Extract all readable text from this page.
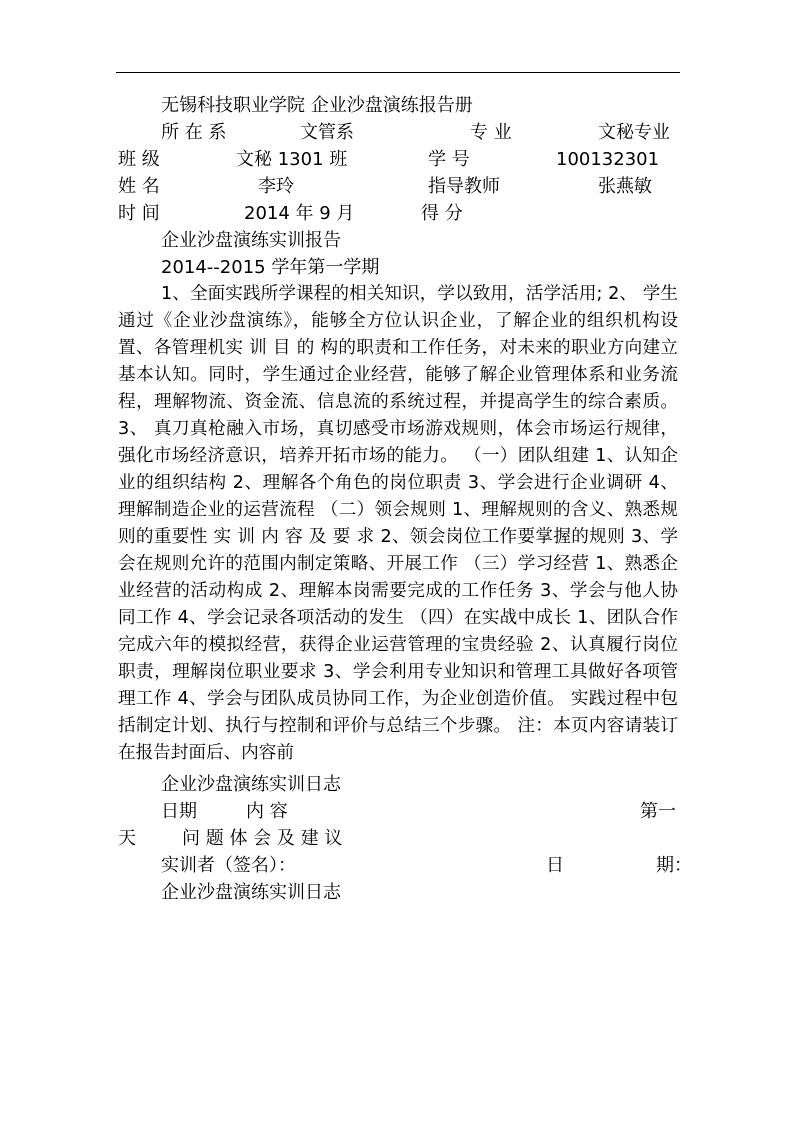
无锡科技职业学院 企业沙盘演练报告册
所 在 系	文管系	专 业	文秘专业
班 级	文秘 1301 班	学 号	100132301
姓 名	李玲	指导教师	张燕敏
时 间	2014 年 9 月	得 分
企业沙盘演练实训报告
2014--2015 学年第一学期
1、全面实践所学课程的相关知识，学以致用，活学活用; 2、 学生通过《企业沙盘演练》，能够全方位认识企业，了解企业的组织机构设置、各管理机实 训 目 的 构的职责和工作任务，对未来的职业方向建立基本认知。同时，学生通过企业经营，能够了解企业管理体系和业务流程，理解物流、资金流、信息流的系统过程，并提高学生的综合素质。 3、 真刀真枪融入市场，真切感受市场游戏规则，体会市场运行规律，强化市场经济意识，培养开拓市场的能力。 （一）团队组建 1、认知企业的组织结构 2、理解各个角色的岗位职责 3、学会进行企业调研 4、理解制造企业的运营流程 （二）领会规则 1、理解规则的含义、熟悉规则的重要性 实 训 内 容 及 要 求 2、领会岗位工作要掌握的规则 3、学会在规则允许的范围内制定策略、开展工作 （三）学习经营 1、熟悉企业经营的活动构成 2、理解本岗需要完成的工作任务 3、学会与他人协同工作 4、学会记录各项活动的发生 （四）在实战中成长 1、团队合作完成六年的模拟经营，获得企业运营管理的宝贵经验 2、认真履行岗位职责，理解岗位职业要求 3、学会利用专业知识和管理工具做好各项管理工作 4、学会与团队成员协同工作，为企业创造价值。 实践过程中包括制定计划、执行与控制和评价与总结三个步骤。 注：本页内容请装订在报告封面后、内容前
企业沙盘演练实训日志
日期	内 容	第一
天	问 题 体 会 及 建 议
实训者（签名）：	日	期：
企业沙盘演练实训日志
